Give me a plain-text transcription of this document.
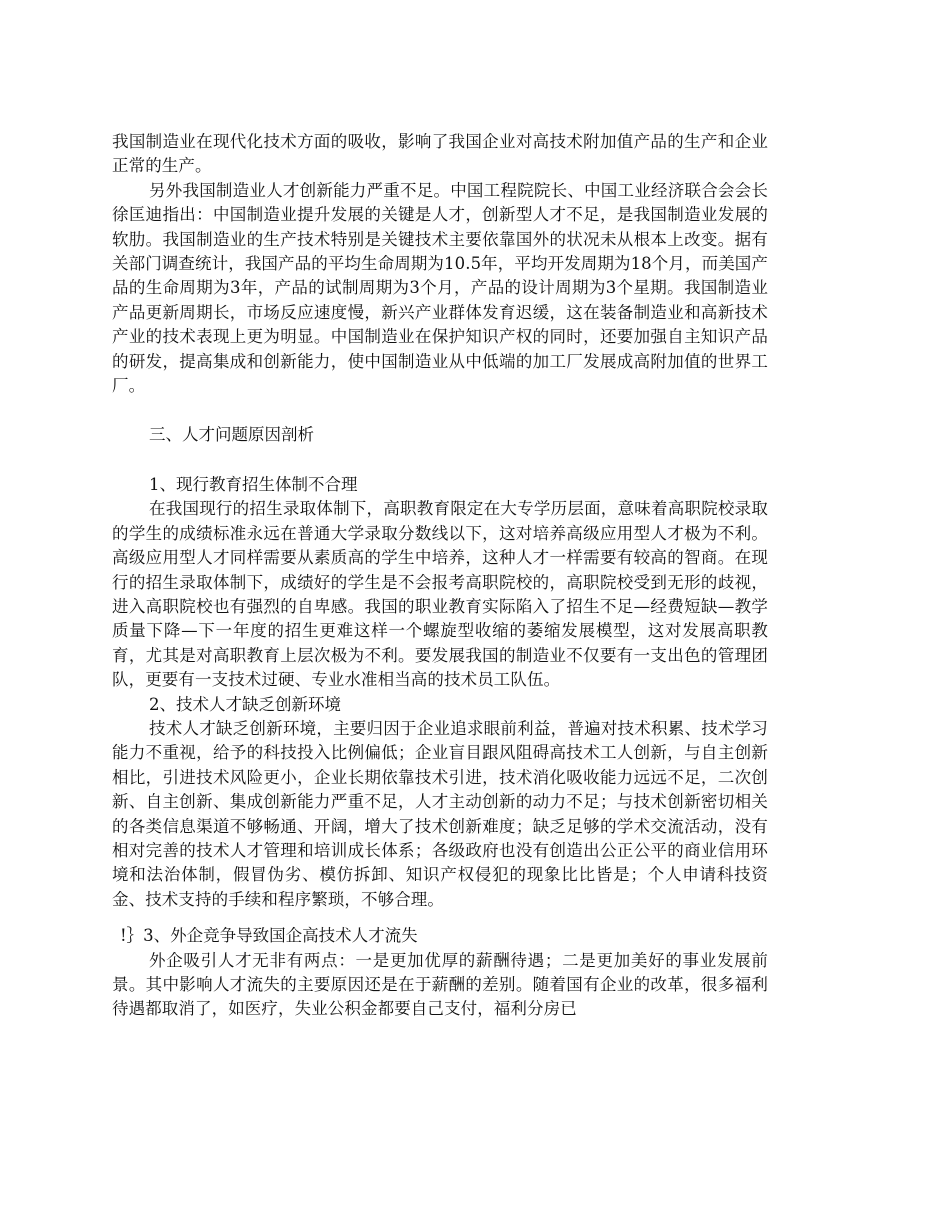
我国制造业在现代化技术方面的吸收，影响了我国企业对高技术附加值产品的生产和企业正常的生产。

另外我国制造业人才创新能力严重不足。中国工程院院长、中国工业经济联合会会长徐匡迪指出：中国制造业提升发展的关键是人才，创新型人才不足，是我国制造业发展的软肋。我国制造业的生产技术特别是关键技术主要依靠国外的状况未从根本上改变。据有关部门调查统计，我国产品的平均生命周期为10.5年，平均开发周期为18个月，而美国产品的生命周期为3年，产品的试制周期为3个月，产品的设计周期为3个星期。我国制造业产品更新周期长，市场反应速度慢，新兴产业群体发育迟缓，这在装备制造业和高新技术产业的技术表现上更为明显。中国制造业在保护知识产权的同时，还要加强自主知识产品的研发，提高集成和创新能力，使中国制造业从中低端的加工厂发展成高附加值的世界工厂。

三、人才问题原因剖析

1、现行教育招生体制不合理

在我国现行的招生录取体制下，高职教育限定在大专学历层面，意味着高职院校录取的学生的成绩标准永远在普通大学录取分数线以下，这对培养高级应用型人才极为不利。高级应用型人才同样需要从素质高的学生中培养，这种人才一样需要有较高的智商。在现行的招生录取体制下，成绩好的学生是不会报考高职院校的，高职院校受到无形的歧视，进入高职院校也有强烈的自卑感。我国的职业教育实际陷入了招生不足—经费短缺—教学质量下降—下一年度的招生更难这样一个螺旋型收缩的萎缩发展模型，这对发展高职教育，尤其是对高职教育上层次极为不利。要发展我国的制造业不仅要有一支出色的管理团队，更要有一支技术过硬、专业水准相当高的技术员工队伍。

2、技术人才缺乏创新环境

技术人才缺乏创新环境，主要归因于企业追求眼前利益，普遍对技术积累、技术学习能力不重视，给予的科技投入比例偏低；企业盲目跟风阻碍高技术工人创新，与自主创新相比，引进技术风险更小，企业长期依靠技术引进，技术消化吸收能力远远不足，二次创新、自主创新、集成创新能力严重不足，人才主动创新的动力不足；与技术创新密切相关的各类信息渠道不够畅通、开阔，增大了技术创新难度；缺乏足够的学术交流活动，没有相对完善的技术人才管理和培训成长体系；各级政府也没有创造出公正公平的商业信用环境和法治体制，假冒伪劣、模仿拆卸、知识产权侵犯的现象比比皆是；个人申请科技资金、技术支持的手续和程序繁琐，不够合理。

!｝3、外企竞争导致国企高技术人才流失

外企吸引人才无非有两点：一是更加优厚的薪酬待遇；二是更加美好的事业发展前景。其中影响人才流失的主要原因还是在于薪酬的差别。随着国有企业的改革，很多福利待遇都取消了，如医疗，失业公积金都要自己支付，福利分房已
